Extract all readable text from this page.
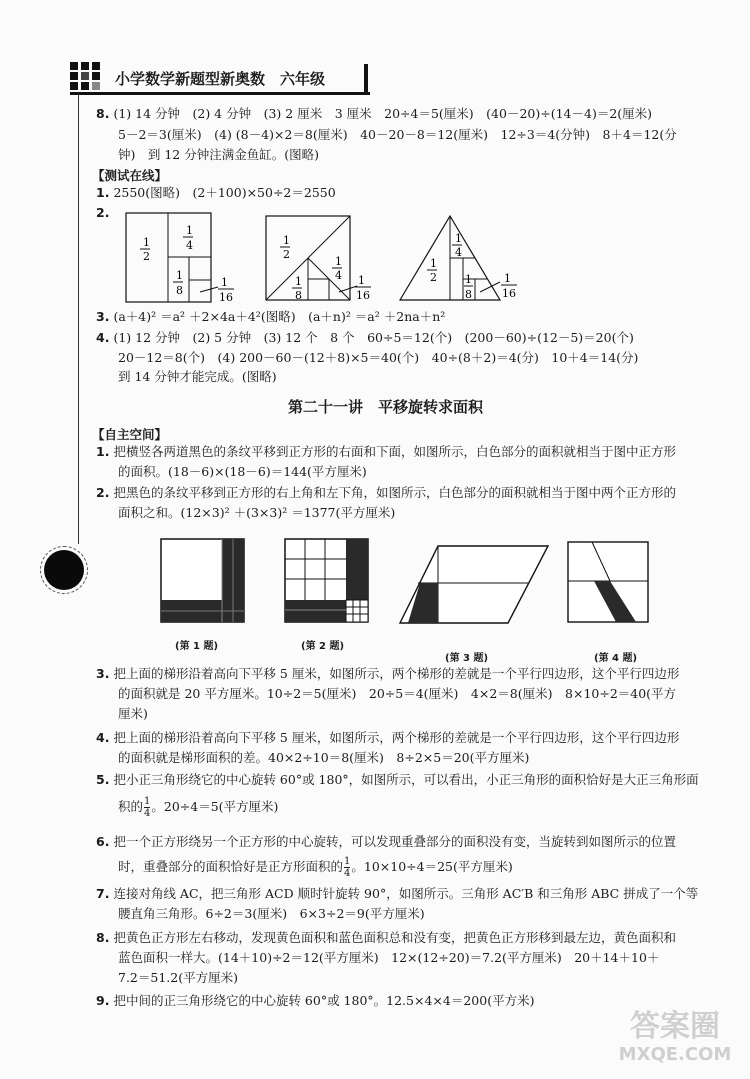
小学数学新题型新奥数　六年级
8. (1) 14 分钟　(2) 4 分钟　(3) 2 厘米　3 厘米　20÷4＝5(厘米)　(40－20)÷(14－4)＝2(厘米)
5－2＝3(厘米)　(4) (8－4)×2＝8(厘米)　40－20－8＝12(厘米)　12÷3＝4(分钟)　8＋4＝12(分
钟)　到 12 分钟注满金鱼缸。(图略)
【测试在线】
1. 2550(图略)　(2＋100)×50÷2＝2550
2.
1
2
1
4
1
8
1
16
1
2
1
4
1
8
1
16
1
2
1
4
1
8
1
16
3. (a＋4)² ＝a² ＋2×4a＋4²(图略)　(a＋n)² ＝a² ＋2na＋n²
4. (1) 12 分钟　(2) 5 分钟　(3) 12 个　8 个　60÷5＝12(个)　(200－60)÷(12－5)＝20(个)
20－12＝8(个)　(4) 200－60－(12＋8)×5＝40(个)　40÷(8＋2)＝4(分)　10＋4＝14(分)
到 14 分钟才能完成。(图略)
第二十一讲　平移旋转求面积
【自主空间】
1. 把横竖各两道黑色的条纹平移到正方形的右面和下面，如图所示，白色部分的面积就相当于图中正方形
的面积。(18－6)×(18－6)＝144(平方厘米)
2. 把黑色的条纹平移到正方形的右上角和左下角，如图所示，白色部分的面积就相当于图中两个正方形的
面积之和。(12×3)² ＋(3×3)² ＝1377(平方厘米)
(第 1 题)	(第 2 题)
(第 3 题)	(第 4 题)
3. 把上面的梯形沿着高向下平移 5 厘米，如图所示，两个梯形的差就是一个平行四边形，这个平行四边形
的面积就是 20 平方厘米。10÷2＝5(厘米)　20÷5＝4(厘米)　4×2＝8(厘米)　8×10÷2＝40(平方
厘米)
4. 把上面的梯形沿着高向下平移 5 厘米，如图所示，两个梯形的差就是一个平行四边形，这个平行四边形
的面积就是梯形面积的差。40×2÷10＝8(厘米)　8÷2×5＝20(平方厘米)
5. 把小正三角形绕它的中心旋转 60°或 180°，如图所示，可以看出，小正三角形的面积恰好是大正三角形面
积的 $\frac{1}{4}$ 。20÷4＝5(平方厘米)
6. 把一个正方形绕另一个正方形的中心旋转，可以发现重叠部分的面积没有变，当旋转到如图所示的位置
时，重叠部分的面积恰好是正方形面积的 $\frac{1}{4}$ 。10×10÷4＝25(平方厘米)
7. 连接对角线 AC，把三角形 ACD 顺时针旋转 90°，如图所示。三角形 AC′B 和三角形 ABC 拼成了一个等
腰直角三角形。6÷2＝3(厘米)　6×3÷2＝9(平方厘米)
8. 把黄色正方形左右移动，发现黄色面积和蓝色面积总和没有变，把黄色正方形移到最左边，黄色面积和
蓝色面积一样大。(14＋10)÷2＝12(平方厘米)　12×(12÷20)＝7.2(平方厘米)　20＋14＋10＋
7.2＝51.2(平方厘米)
9. 把中间的正三角形绕它的中心旋转 60°或 180°。12.5×4×4＝200(平方米)
答案圈
MXQE.COM
